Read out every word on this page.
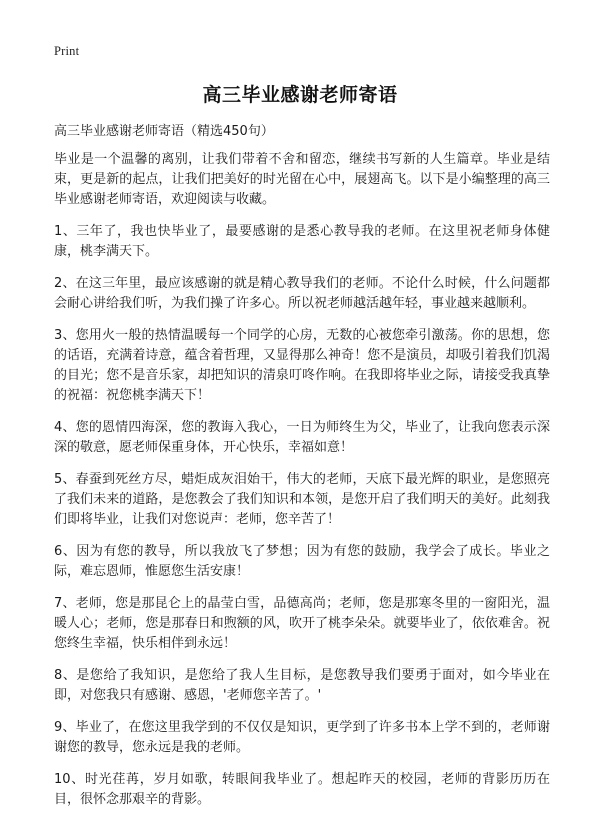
Print
高三毕业感谢老师寄语
高三毕业感谢老师寄语（精选450句）

毕业是一个温馨的离别，让我们带着不舍和留恋，继续书写新的人生篇章。毕业是结束，更是新的起点，让我们把美好的时光留在心中，展翅高飞。以下是小编整理的高三毕业感谢老师寄语，欢迎阅读与收藏。

1、三年了，我也快毕业了，最要感谢的是悉心教导我的老师。在这里祝老师身体健康，桃李满天下。

2、在这三年里，最应该感谢的就是精心教导我们的老师。不论什么时候，什么问题都会耐心讲给我们听，为我们操了许多心。所以祝老师越活越年轻，事业越来越顺利。

3、您用火一般的热情温暖每一个同学的心房，无数的心被您牵引激荡。你的思想，您的话语，充满着诗意，蕴含着哲理，又显得那么神奇！您不是演员，却吸引着我们饥渴的目光；您不是音乐家，却把知识的清泉叮咚作响。在我即将毕业之际，请接受我真挚的祝福：祝您桃李满天下！

4、您的恩情四海深，您的教诲入我心，一日为师终生为父，毕业了，让我向您表示深深的敬意，愿老师保重身体，开心快乐，幸福如意！

5、春蚕到死丝方尽，蜡炬成灰泪始干，伟大的老师，天底下最光辉的职业，是您照亮了我们未来的道路，是您教会了我们知识和本领，是您开启了我们明天的美好。此刻我们即将毕业，让我们对您说声：老师，您辛苦了！

6、因为有您的教导，所以我放飞了梦想；因为有您的鼓励，我学会了成长。毕业之际，难忘恩师，惟愿您生活安康！

7、老师，您是那昆仑上的晶莹白雪，品德高尚；老师，您是那寒冬里的一窗阳光，温暖人心；老师，您是那春日和煦额的风，吹开了桃李朵朵。就要毕业了，依依难舍。祝您终生幸福，快乐相伴到永远！

8、是您给了我知识，是您给了我人生目标，是您教导我们要勇于面对，如今毕业在即，对您我只有感谢、感恩，'老师您辛苦了。'

9、毕业了，在您这里我学到的不仅仅是知识，更学到了许多书本上学不到的，老师谢谢您的教导，您永远是我的老师。

10、时光荏苒，岁月如歌，转眼间我毕业了。想起昨天的校园，老师的背影历历在目，很怀念那艰辛的背影。
